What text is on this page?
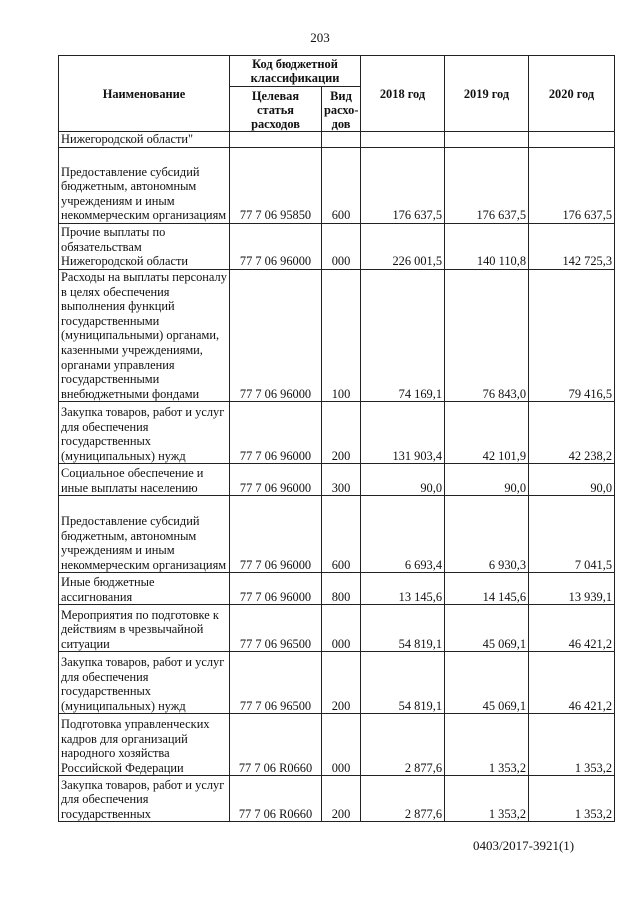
203
Наименование	Код бюджетной классификации		2018 год	2019 год	2020 год
	Целевая статья расходов	Вид расхо-дов			
Нижегородской области"					
Предоставление субсидий бюджетным, автономным учреждениям и иным некоммерческим организациям	77 7 06 95850	600	176 637,5	176 637,5	176 637,5
Прочие выплаты по обязательствам Нижегородской области	77 7 06 96000	000	226 001,5	140 110,8	142 725,3
Расходы на выплаты персоналу в целях обеспечения выполнения функций государственными (муниципальными) органами, казенными учреждениями, органами управления государственными внебюджетными фондами	77 7 06 96000	100	74 169,1	76 843,0	79 416,5
Закупка товаров, работ и услуг для обеспечения государственных (муниципальных) нужд	77 7 06 96000	200	131 903,4	42 101,9	42 238,2
Социальное обеспечение и иные выплаты населению	77 7 06 96000	300	90,0	90,0	90,0
Предоставление субсидий бюджетным, автономным учреждениям и иным некоммерческим организациям	77 7 06 96000	600	6 693,4	6 930,3	7 041,5
Иные бюджетные ассигнования	77 7 06 96000	800	13 145,6	14 145,6	13 939,1
Мероприятия по подготовке к действиям в чрезвычайной ситуации	77 7 06 96500	000	54 819,1	45 069,1	46 421,2
Закупка товаров, работ и услуг для обеспечения государственных (муниципальных) нужд	77 7 06 96500	200	54 819,1	45 069,1	46 421,2
Подготовка управленческих кадров для организаций народного хозяйства Российской Федерации	77 7 06 R0660	000	2 877,6	1 353,2	1 353,2
Закупка товаров, работ и услуг для обеспечения государственных	77 7 06 R0660	200	2 877,6	1 353,2	1 353,2
0403/2017-3921(1)
